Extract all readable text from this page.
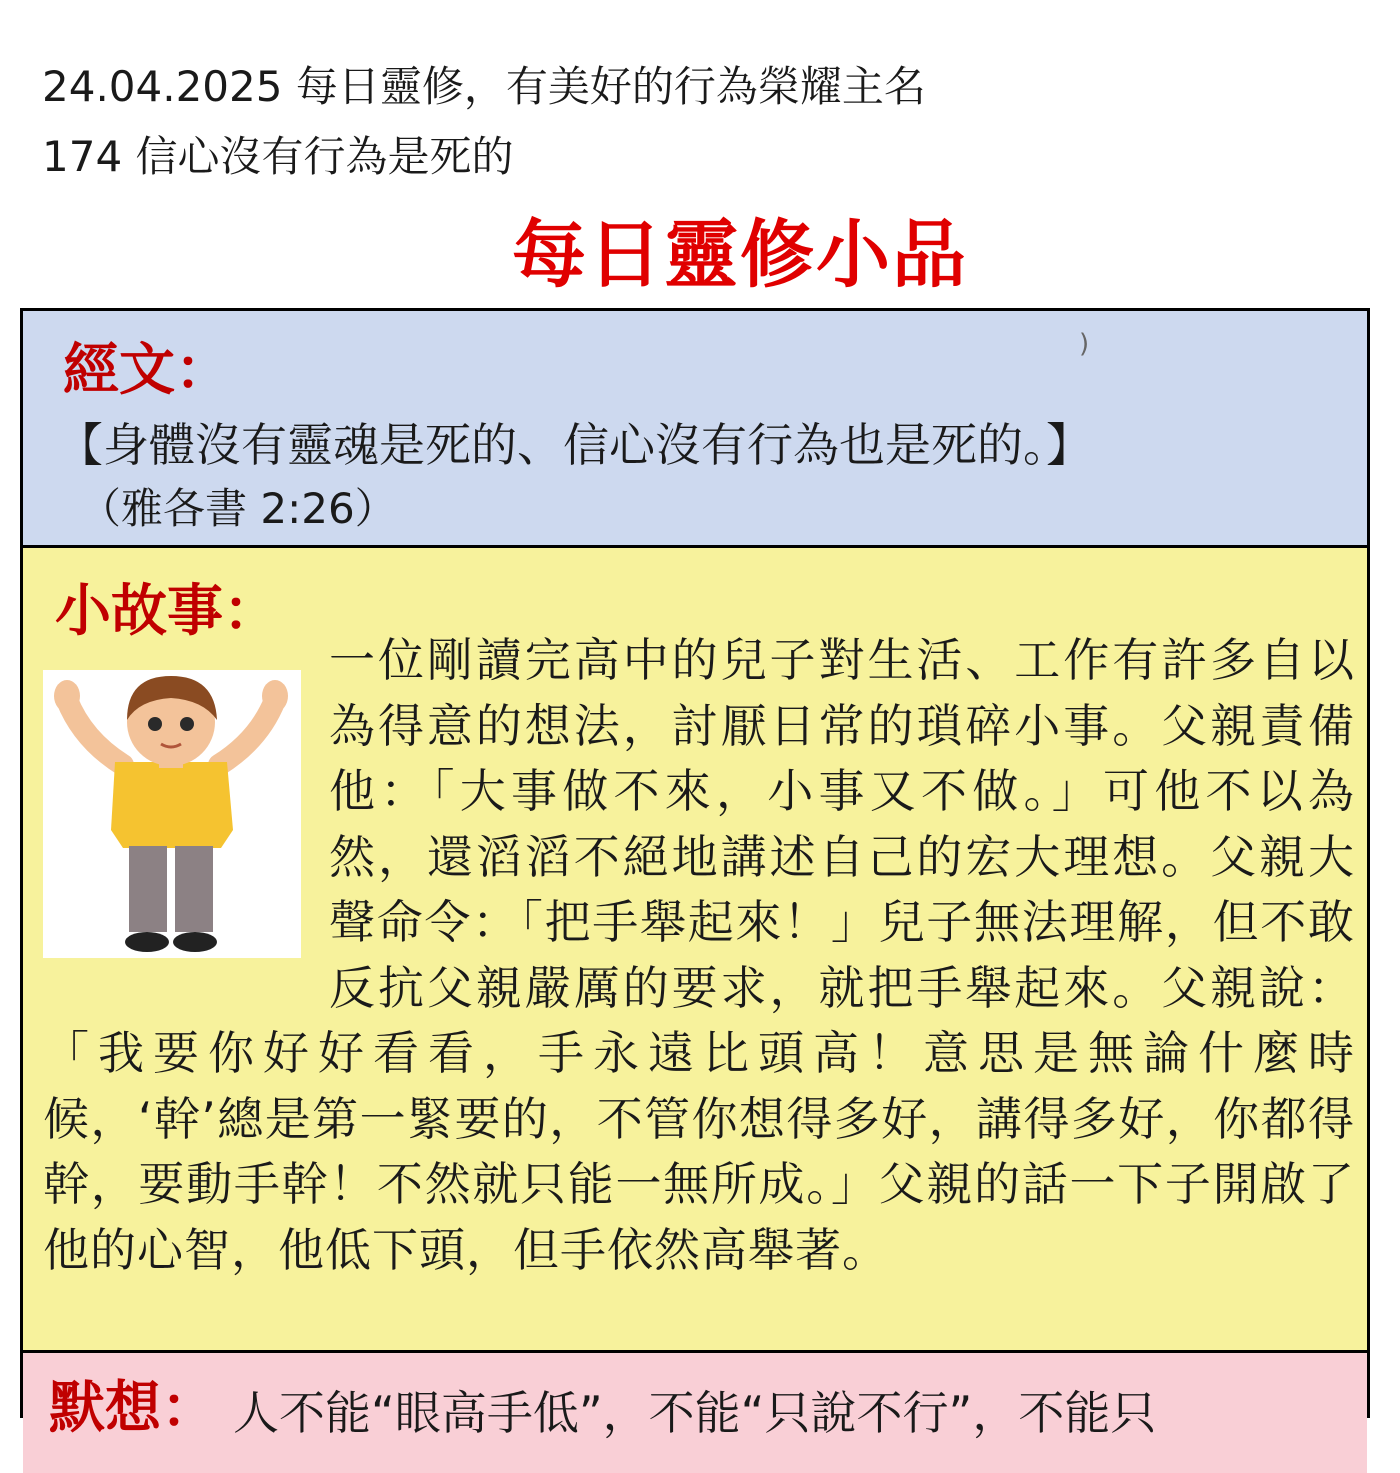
24.04.2025 每日靈修，有美好的行為榮耀主名
174 信心沒有行為是死的
每日靈修小品
經文：	)
【身體沒有靈魂是死的、信心沒有行為也是死的。】
（雅各書 2:26）
小故事：
一位剛讀完高中的兒子對生活、工作有許多自以為得意的想法，討厭日常的瑣碎小事。父親責備他：「大事做不來，小事又不做。」可他不以為然，還滔滔不絕地講述自己的宏大理想。父親大聲命令：「把手舉起來！」兒子無法理解，但不敢反抗父親嚴厲的要求，就把手舉起來。父親說：「我要你好好看看，手永遠比頭高！意思是無論什麼時候，‘幹’總是第一緊要的，不管你想得多好，講得多好，你都得幹，要動手幹！不然就只能一無所成。」父親的話一下子開啟了他的心智，他低下頭，但手依然高舉著。
默想： 人不能“眼高手低”，不能“只說不行”，不能只
